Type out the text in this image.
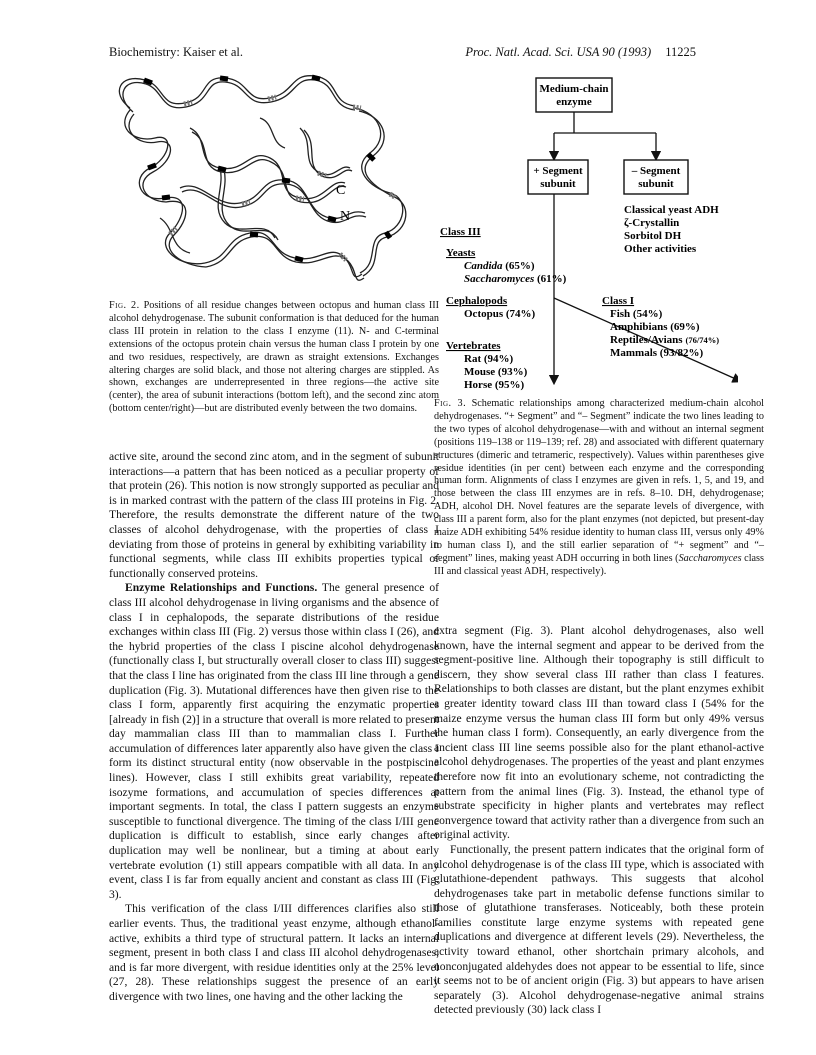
Biochemistry: Kaiser et al.	Proc. Natl. Acad. Sci. USA 90 (1993) 11225
N
C
Fig. 2. Positions of all residue changes between octopus and human class III alcohol dehydrogenase. The subunit conformation is that deduced for the human class III protein in relation to the class I enzyme (11). N- and C-terminal extensions of the octopus protein chain versus the human class I protein by one and two residues, respectively, are drawn as straight extensions. Exchanges altering charges are solid black, and those not altering charges are stippled. As shown, exchanges are underrepresented in three regions—the active site (center), the area of subunit interactions (bottom left), and the second zinc atom (bottom center/right)—but are distributed evenly between the two domains.
Medium-chain
enzyme
+ Segment
subunit
– Segment
subunit
Classical yeast ADH
ζ-Crystallin
Sorbitol DH
Other activities
Class III
Yeasts
Candida (65%)
Saccharomyces (61%)
Cephalopods
Octopus (74%)
Vertebrates
Rat (94%)
Mouse (93%)
Horse (95%)
Class I
Fish (54%)
Amphibians (69%)
Reptiles/Avians (76/74%)
Mammals (93/82%)
Fig. 3. Schematic relationships among characterized medium-chain alcohol dehydrogenases. “+ Segment” and “– Segment” indicate the two lines leading to the two types of alcohol dehydrogenase—with and without an internal segment (positions 119–138 or 119–139; ref. 28) and associated with different quaternary structures (dimeric and tetrameric, respectively). Values within parentheses give residue identities (in per cent) between each enzyme and the corresponding human form. Alignments of class I enzymes are given in refs. 1, 5, and 19, and those between the class III enzymes are in refs. 8–10. DH, dehydrogenase; ADH, alcohol DH. Novel features are the separate levels of divergence, with class III a parent form, also for the plant enzymes (not depicted, but present-day maize ADH exhibiting 54% residue identity to human class III, versus only 49% to human class I), and the still earlier separation of “+ segment” and “– segment” lines, making yeast ADH occurring in both lines (Saccharomyces class III and classical yeast ADH, respectively).

active site, around the second zinc atom, and in the segment of subunit interactions—a pattern that has been noticed as a peculiar property of that protein (26). This notion is now strongly supported as peculiar and is in marked contrast with the pattern of the class III proteins in Fig. 2. Therefore, the results demonstrate the different nature of the two classes of alcohol dehydrogenase, with the properties of class I deviating from those of proteins in general by exhibiting variability in functional segments, while class III exhibits properties typical of functionally conserved proteins.

Enzyme Relationships and Functions. The general presence of class III alcohol dehydrogenase in living organisms and the absence of class I in cephalopods, the separate distributions of the residue exchanges within class III (Fig. 2) versus those within class I (26), and the hybrid properties of the class I piscine alcohol dehydrogenase (functionally class I, but structurally overall closer to class III) suggest that the class I line has originated from the class III line through a gene duplication (Fig. 3). Mutational differences have then given rise to the class I form, apparently first acquiring the enzymatic properties [already in fish (2)] in a structure that overall is more related to present day mammalian class III than to mammalian class I. Further accumulation of differences later apparently also have given the class I form its distinct structural entity (now observable in the postpiscine lines). However, class I still exhibits great variability, repeated isozyme formations, and accumulation of species differences at important segments. In total, the class I pattern suggests an enzyme susceptible to functional divergence. The timing of the class I/III gene duplication is difficult to establish, since early changes after duplication may well be nonlinear, but a timing at about early vertebrate evolution (1) still appears compatible with all data. In any event, class I is far from equally ancient and constant as class III (Fig. 3).

This verification of the class I/III differences clarifies also still earlier events. Thus, the traditional yeast enzyme, although ethanol-active, exhibits a third type of structural pattern. It lacks an internal segment, present in both class I and class III alcohol dehydrogenases, and is far more divergent, with residue identities only at the 25% level (27, 28). These relationships suggest the presence of an early divergence with two lines, one having and the other lacking the

extra segment (Fig. 3). Plant alcohol dehydrogenases, also well known, have the internal segment and appear to be derived from the segment-positive line. Although their topography is still difficult to discern, they show several class III rather than class I features. Relationships to both classes are distant, but the plant enzymes exhibit a greater identity toward class III than toward class I (54% for the maize enzyme versus the human class III form but only 49% versus the human class I form). Consequently, an early divergence from the ancient class III line seems possible also for the plant ethanol-active alcohol dehydrogenases. The properties of the yeast and plant enzymes therefore now fit into an evolutionary scheme, not contradicting the pattern from the animal lines (Fig. 3). Instead, the ethanol type of substrate specificity in higher plants and vertebrates may reflect convergence toward that activity rather than a divergence from such an original activity.

Functionally, the present pattern indicates that the original form of alcohol dehydrogenase is of the class III type, which is associated with glutathione-dependent pathways. This suggests that alcohol dehydrogenases take part in metabolic defense functions similar to those of glutathione transferases. Noticeably, both these protein families constitute large enzyme systems with repeated gene duplications and divergence at different levels (29). Nevertheless, the activity toward ethanol, other shortchain primary alcohols, and nonconjugated aldehydes does not appear to be essential to life, since it seems not to be of ancient origin (Fig. 3) but appears to have arisen separately (3). Alcohol dehydrogenase-negative animal strains detected previously (30) lack class I
